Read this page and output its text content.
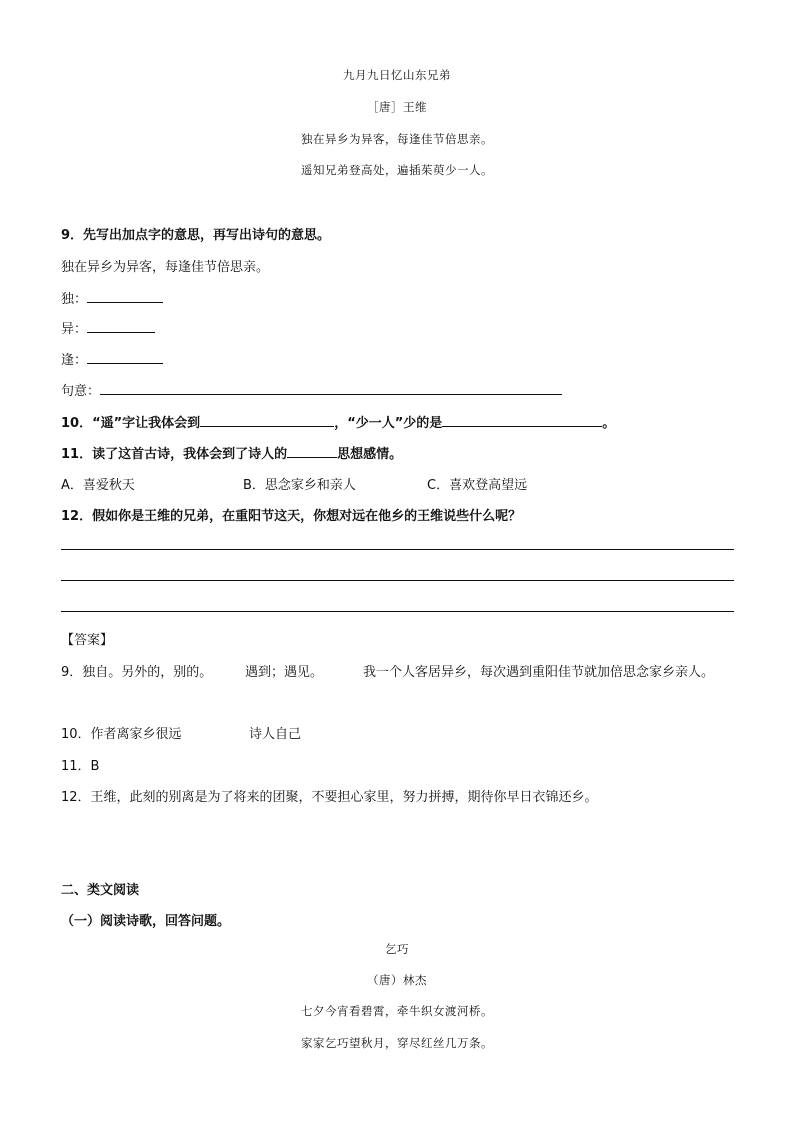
九月九日忆山东兄弟
［唐］王维
独在异乡为异客，每逢佳节倍思亲。
遥知兄弟登高处，遍插茱萸少一人。
9．先写出加点字的意思，再写出诗句的意思。
独在异乡为异客，每逢佳节倍思亲。
独：
异：
逢：
句意：
10．“遥”字让我体会到	，“少一人”少的是	。
11．读了这首古诗，我体会到了诗人的	思想感情。
A．喜爱秋天	B．思念家乡和亲人	C．喜欢登高望远
12．假如你是王维的兄弟，在重阳节这天，你想对远在他乡的王维说些什么呢？
【答案】
9．独自。另外的，别的。	遇到；遇见。	我一个人客居异乡，每次遇到重阳佳节就加倍思念家乡亲人。
10．作者离家乡很远	诗人自己
11．B
12．王维，此刻的别离是为了将来的团聚，不要担心家里，努力拼搏，期待你早日衣锦还乡。
二、类文阅读
（一）阅读诗歌，回答问题。
乞巧
（唐）林杰
七夕今宵看碧霄，牵牛织女渡河桥。
家家乞巧望秋月，穿尽红丝几万条。
